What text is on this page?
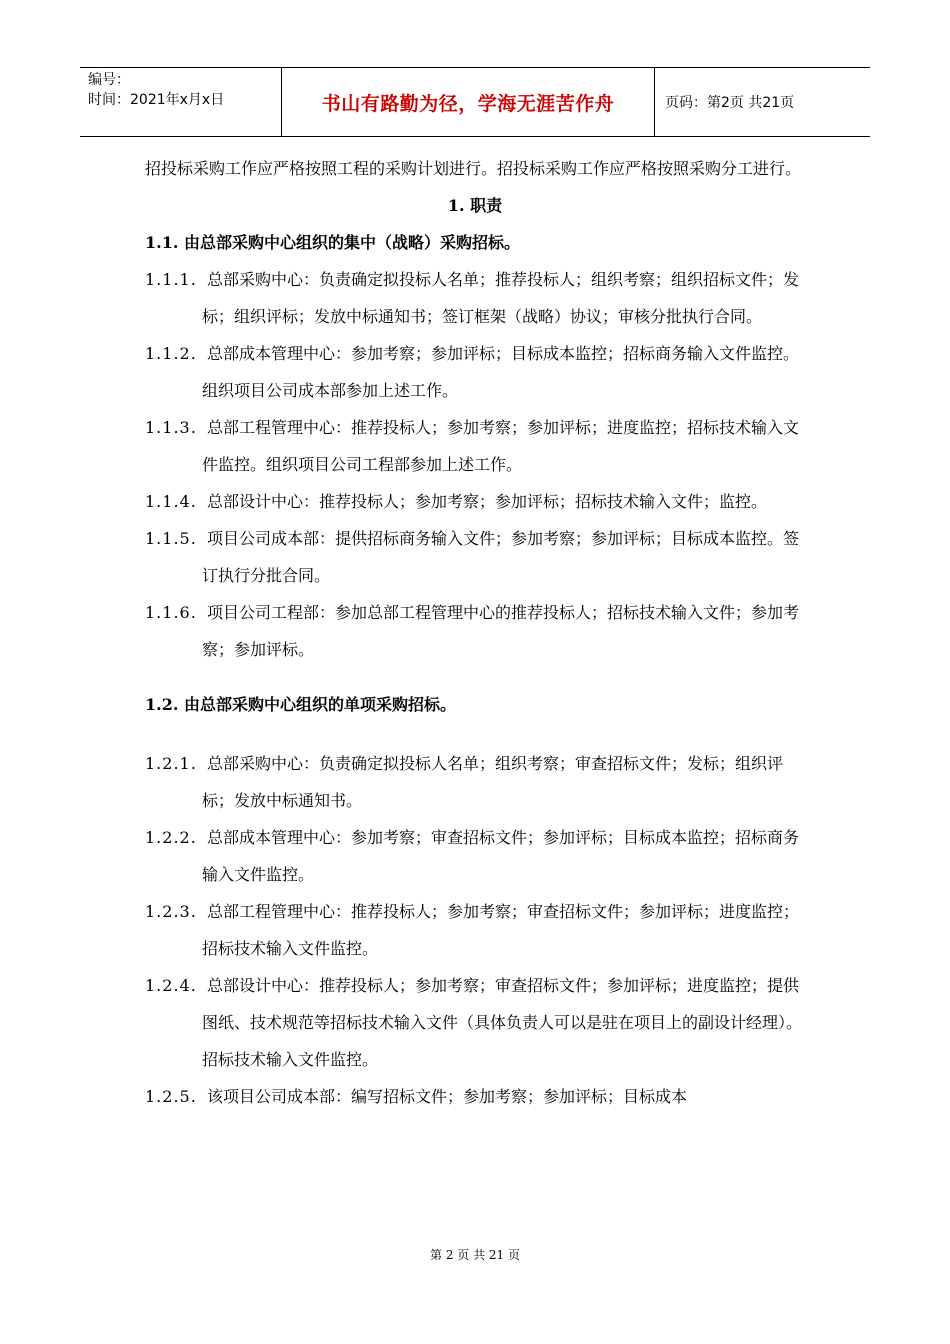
编号：
时间：2021年x月x日	书山有路勤为径，学海无涯苦作舟	页码：第2页 共21页

招投标采购工作应严格按照工程的采购计划进行。招投标采购工作应严格按照采购分工进行。

1. 职责

1.1. 由总部采购中心组织的集中（战略）采购招标。

1.1.1. 总部采购中心：负责确定拟投标人名单；推荐投标人；组织考察；组织招标文件；发标；组织评标；发放中标通知书；签订框架（战略）协议；审核分批执行合同。

1.1.2. 总部成本管理中心：参加考察；参加评标；目标成本监控；招标商务输入文件监控。组织项目公司成本部参加上述工作。

1.1.3. 总部工程管理中心：推荐投标人；参加考察；参加评标；进度监控；招标技术输入文件监控。组织项目公司工程部参加上述工作。

1.1.4. 总部设计中心：推荐投标人；参加考察；参加评标；招标技术输入文件；监控。

1.1.5. 项目公司成本部：提供招标商务输入文件；参加考察；参加评标；目标成本监控。签订执行分批合同。

1.1.6. 项目公司工程部：参加总部工程管理中心的推荐投标人；招标技术输入文件；参加考察；参加评标。

1.2. 由总部采购中心组织的单项采购招标。

1.2.1. 总部采购中心：负责确定拟投标人名单；组织考察；审查招标文件；发标；组织评标；发放中标通知书。

1.2.2. 总部成本管理中心：参加考察；审查招标文件；参加评标；目标成本监控；招标商务输入文件监控。

1.2.3. 总部工程管理中心：推荐投标人；参加考察；审查招标文件；参加评标；进度监控；招标技术输入文件监控。

1.2.4. 总部设计中心：推荐投标人；参加考察；审查招标文件；参加评标；进度监控；提供图纸、技术规范等招标技术输入文件（具体负责人可以是驻在项目上的副设计经理）。招标技术输入文件监控。

1.2.5. 该项目公司成本部：编写招标文件；参加考察；参加评标；目标成本

第 2 页 共 21 页
